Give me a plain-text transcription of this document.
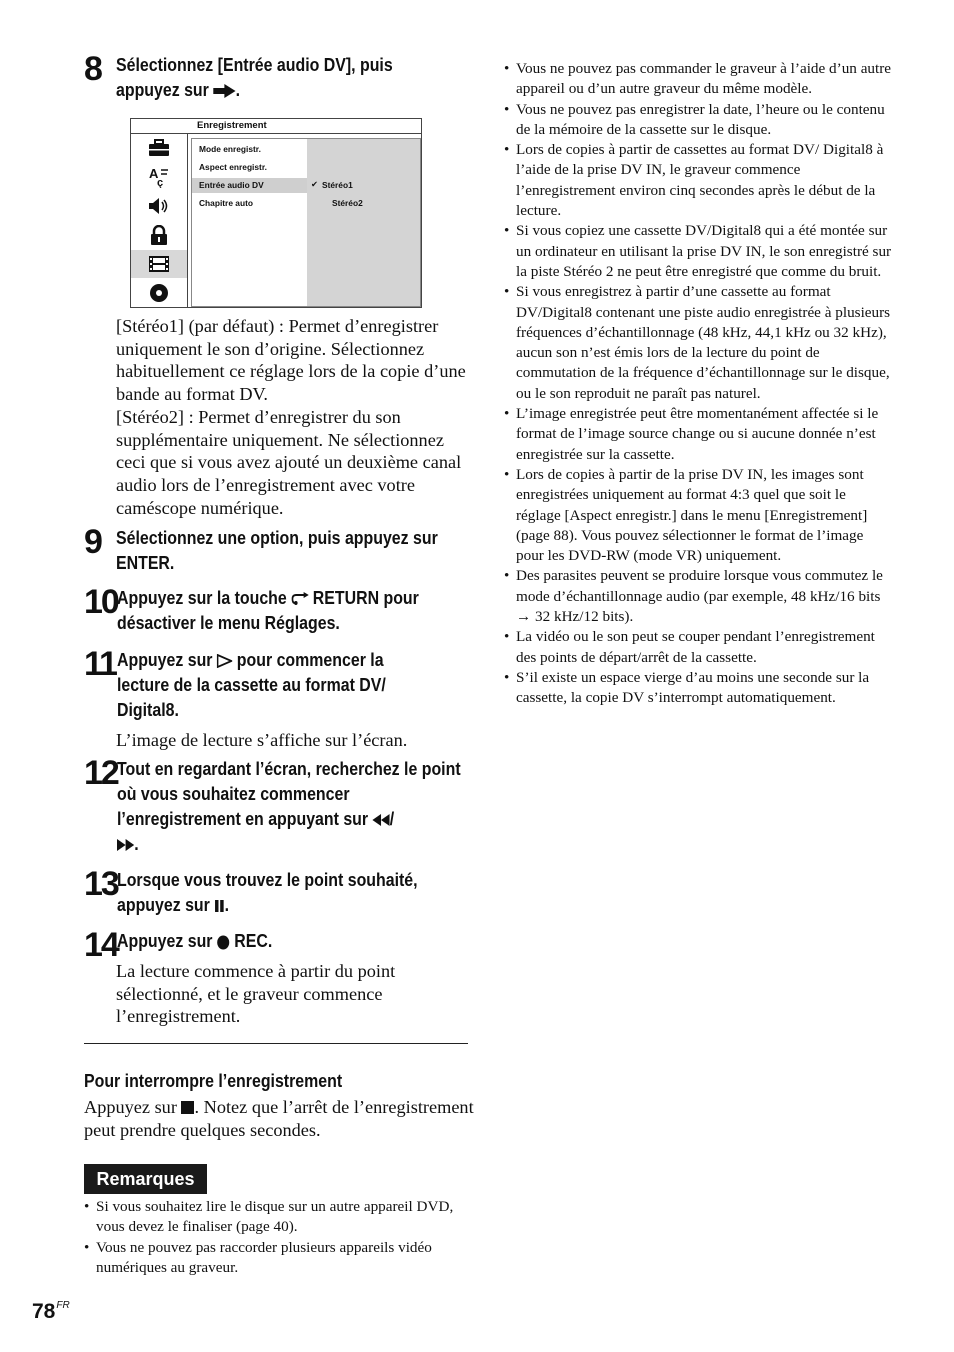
8 Sélectionnez [Entrée audio DV], puis
appuyez sur .
Enregistrement
A
ç
Mode enregistr.
Aspect enregistr.
Entrée audio DV
Chapitre auto
✔ Stéréo1
Stéréo2
[Stéréo1] (par défaut) : Permet d’enregistrer uniquement le son d’origine. Sélectionnez habituellement ce réglage lors de la copie d’une bande au format DV.
[Stéréo2] : Permet d’enregistrer du son supplémentaire uniquement. Ne sélectionnez ceci que si vous avez ajouté un deuxième canal audio lors de l’enregistrement avec votre caméscope numérique.
9 Sélectionnez une option, puis appuyez sur ENTER.
10 Appuyez sur la touche RETURN pour désactiver le menu Réglages.
11 Appuyez sur pour commencer la lecture de la cassette au format DV/ Digital8.
L’image de lecture s’affiche sur l’écran.
12 Tout en regardant l’écran, recherchez le point où vous souhaitez commencer l’enregistrement en appuyant sur /
.
13 Lorsque vous trouvez le point souhaité, appuyez sur .
14 Appuyez sur REC.
La lecture commence à partir du point sélectionné, et le graveur commence l’enregistrement.
Pour interrompre l’enregistrement
Appuyez sur . Notez que l’arrêt de l’enregistrement peut prendre quelques secondes.
Remarques
• Si vous souhaitez lire le disque sur un autre appareil DVD, vous devez le finaliser (page 40).
• Vous ne pouvez pas raccorder plusieurs appareils vidéo numériques au graveur.
• Vous ne pouvez pas commander le graveur à l’aide d’un autre appareil ou d’un autre graveur du même modèle.
• Vous ne pouvez pas enregistrer la date, l’heure ou le contenu de la mémoire de la cassette sur le disque.
• Lors de copies à partir de cassettes au format DV/ Digital8 à l’aide de la prise DV IN, le graveur commence l’enregistrement environ cinq secondes après le début de la lecture.
• Si vous copiez une cassette DV/Digital8 qui a été montée sur un ordinateur en utilisant la prise DV IN, le son enregistré sur la piste Stéréo 2 ne peut être enregistré que comme du bruit.
• Si vous enregistrez à partir d’une cassette au format DV/Digital8 contenant une piste audio enregistrée à plusieurs fréquences d’échantillonnage (48 kHz, 44,1 kHz ou 32 kHz), aucun son n’est émis lors de la lecture du point de commutation de la fréquence d’échantillonnage sur le disque, ou le son reproduit ne paraît pas naturel.
• L’image enregistrée peut être momentanément affectée si le format de l’image source change ou si aucune donnée n’est enregistrée sur la cassette.
• Lors de copies à partir de la prise DV IN, les images sont enregistrées uniquement au format 4:3 quel que soit le réglage [Aspect enregistr.] dans le menu [Enregistrement] (page 88). Vous pouvez sélectionner le format de l’image pour les DVD-RW (mode VR) uniquement.
• Des parasites peuvent se produire lorsque vous commutez le mode d’échantillonnage audio (par exemple, 48 kHz/16 bits → 32 kHz/12 bits).
• La vidéo ou le son peut se couper pendant l’enregistrement des points de départ/arrêt de la cassette.
• S’il existe un espace vierge d’au moins une seconde sur la cassette, la copie DV s’interrompt automatiquement.
$78^{FR}$
